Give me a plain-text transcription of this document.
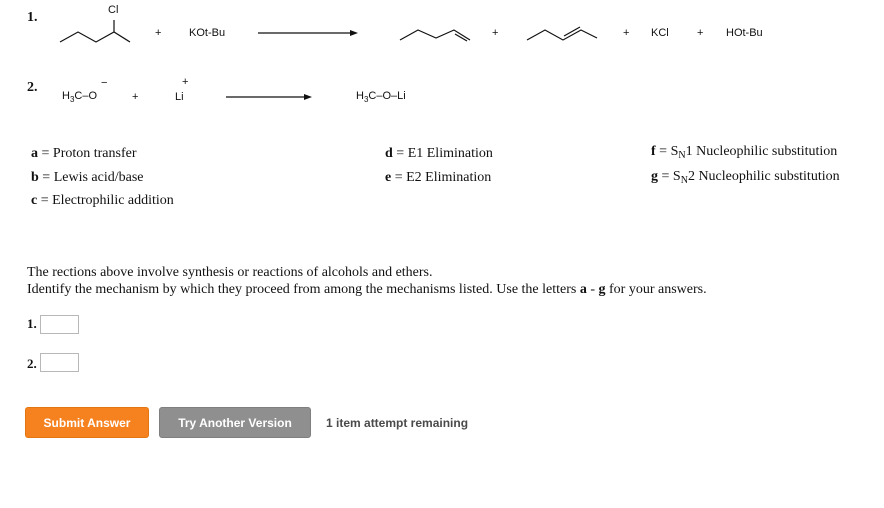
1.	Cl
+	KOt-Bu	+	+ KCl	+ HOt-Bu
2.
$H_3C-O$
−
+	Li
+
$H_3C-O-Li$
a = Proton transfer
b = Lewis acid/base
c = Electrophilic addition
d = E1 Elimination
e = E2 Elimination
$f = S_N1$ Nucleophilic substitution
$g = S_N2$ Nucleophilic substitution
The rections above involve synthesis or reactions of alcohols and ethers.
Identify the mechanism by which they proceed from among the mechanisms listed. Use the letters a - g for your answers.
1.
2.
Submit Answer	Try Another Version	1 item attempt remaining
